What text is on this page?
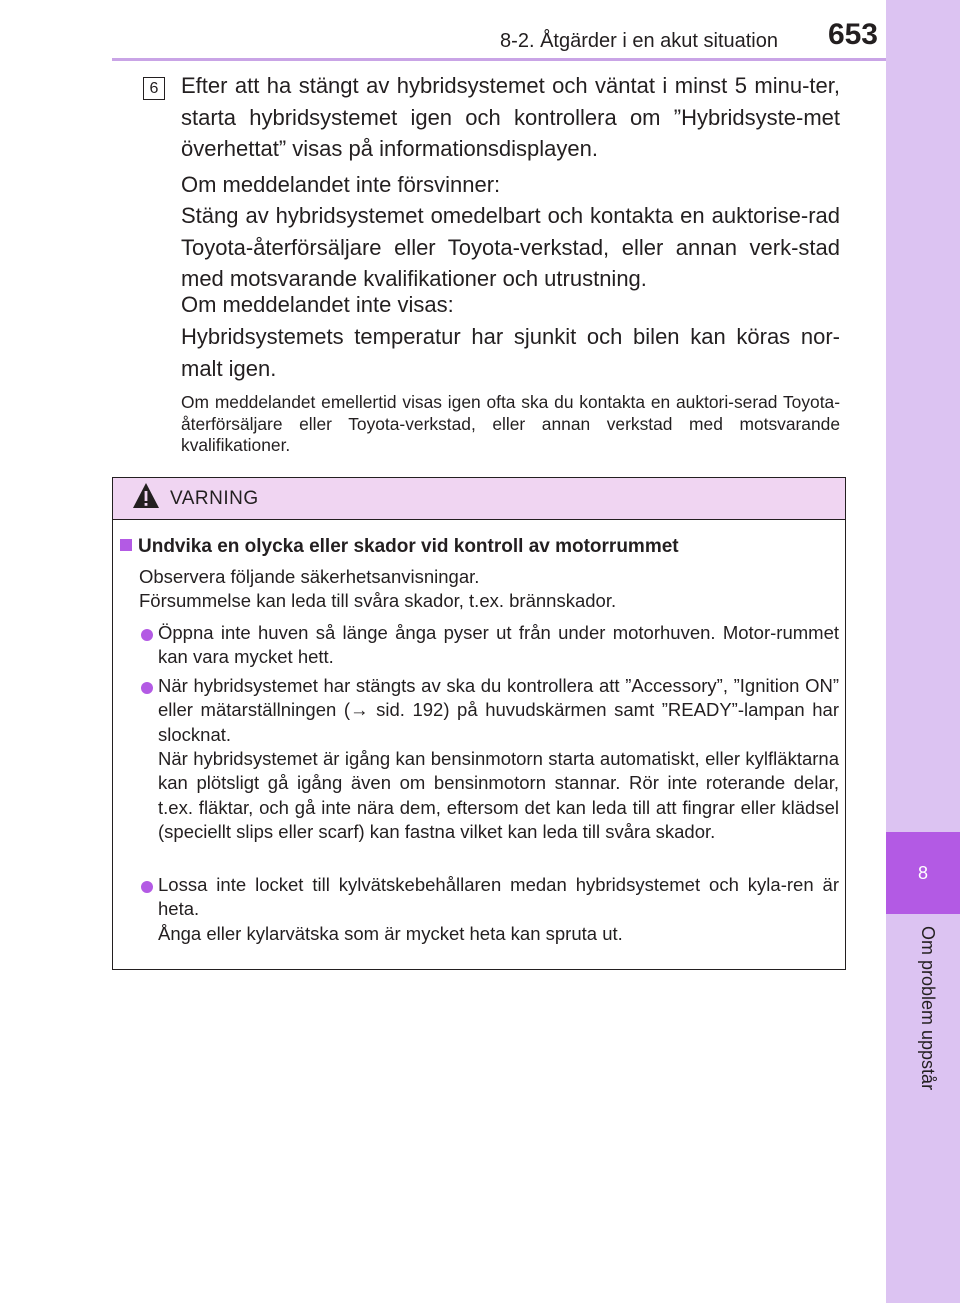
8
Om problem uppstår
8-2. Åtgärder i en akut situation	653
6 Efter att ha stängt av hybridsystemet och väntat i minst 5 minu-ter, starta hybridsystemet igen och kontrollera om ”Hybridsyste-met överhettat” visas på informationsdisplayen.
Om meddelandet inte försvinner:
Stäng av hybridsystemet omedelbart och kontakta en auktorise-rad Toyota-återförsäljare eller Toyota-verkstad, eller annan verk-stad med motsvarande kvalifikationer och utrustning.
Om meddelandet inte visas:
Hybridsystemets temperatur har sjunkit och bilen kan köras nor-malt igen.
Om meddelandet emellertid visas igen ofta ska du kontakta en auktori-serad Toyota-återförsäljare eller Toyota-verkstad, eller annan verkstad med motsvarande kvalifikationer.
VARNING
Undvika en olycka eller skador vid kontroll av motorrummet
Observera följande säkerhetsanvisningar.
Försummelse kan leda till svåra skador, t.ex. brännskador.
Öppna inte huven så länge ånga pyser ut från under motorhuven. Motor-rummet kan vara mycket hett.
När hybridsystemet har stängts av ska du kontrollera att ”Accessory”, ”Ignition ON” eller mätarställningen (→ sid. 192) på huvudskärmen samt ”READY”-lampan har slocknat.
När hybridsystemet är igång kan bensinmotorn starta automatiskt, eller kylfläktarna kan plötsligt gå igång även om bensinmotorn stannar. Rör inte roterande delar, t.ex. fläktar, och gå inte nära dem, eftersom det kan leda till att fingrar eller klädsel (speciellt slips eller scarf) kan fastna vilket kan leda till svåra skador.
Lossa inte locket till kylvätskebehållaren medan hybridsystemet och kyla-ren är heta.
Ånga eller kylarvätska som är mycket heta kan spruta ut.
